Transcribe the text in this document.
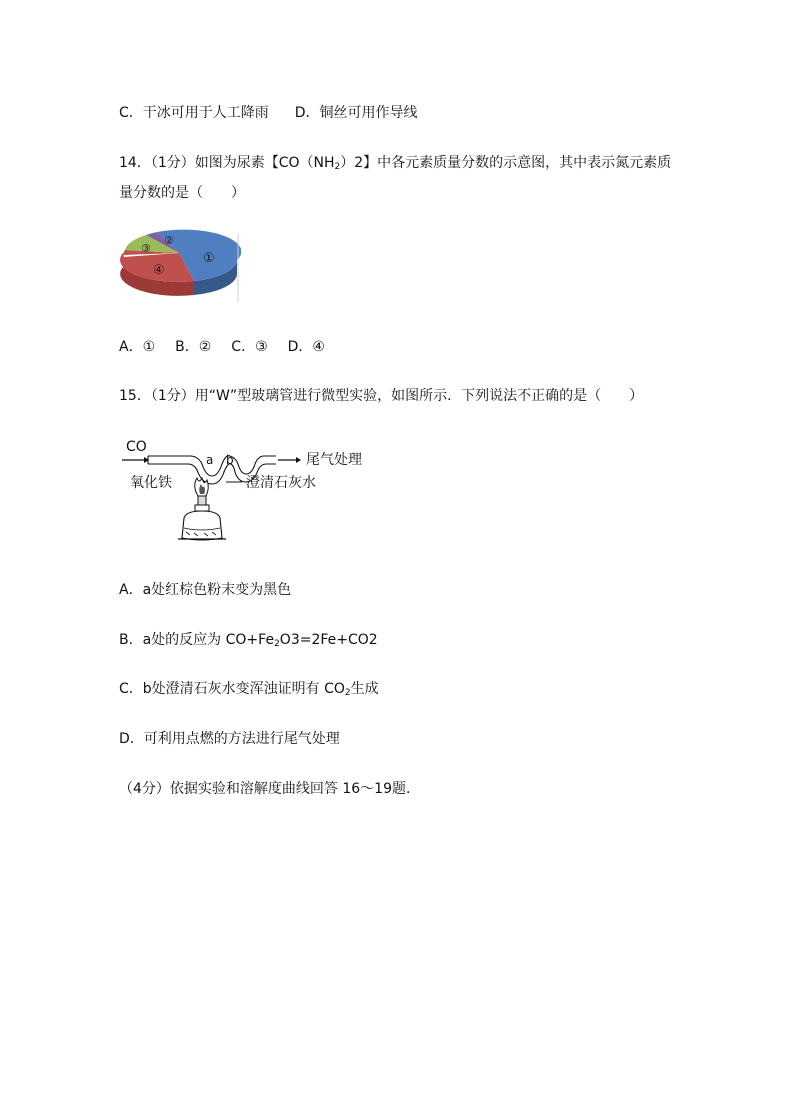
C．干冰可用于人工降雨 D．铜丝可用作导线
14．（1分）如图为尿素【$CO(NH_2)2$】中各元素质量分数的示意图，其中表示氮元素质
量分数的是（　　）
①
②
③
④
A．① B．② C．③ D．④
15．（1分）用“W”型玻璃管进行微型实验，如图所示．下列说法不正确的是（　　）
CO
a b	尾气处理
氧化铁	澄清石灰水
A．a处红棕色粉末变为黑色
B．a处的反应为 $CO+Fe_2O3=2Fe+CO2$
C．b处澄清石灰水变浑浊证明有 $CO_2$生成
D．可利用点燃的方法进行尾气处理
（4分）依据实验和溶解度曲线回答 16～19题．
